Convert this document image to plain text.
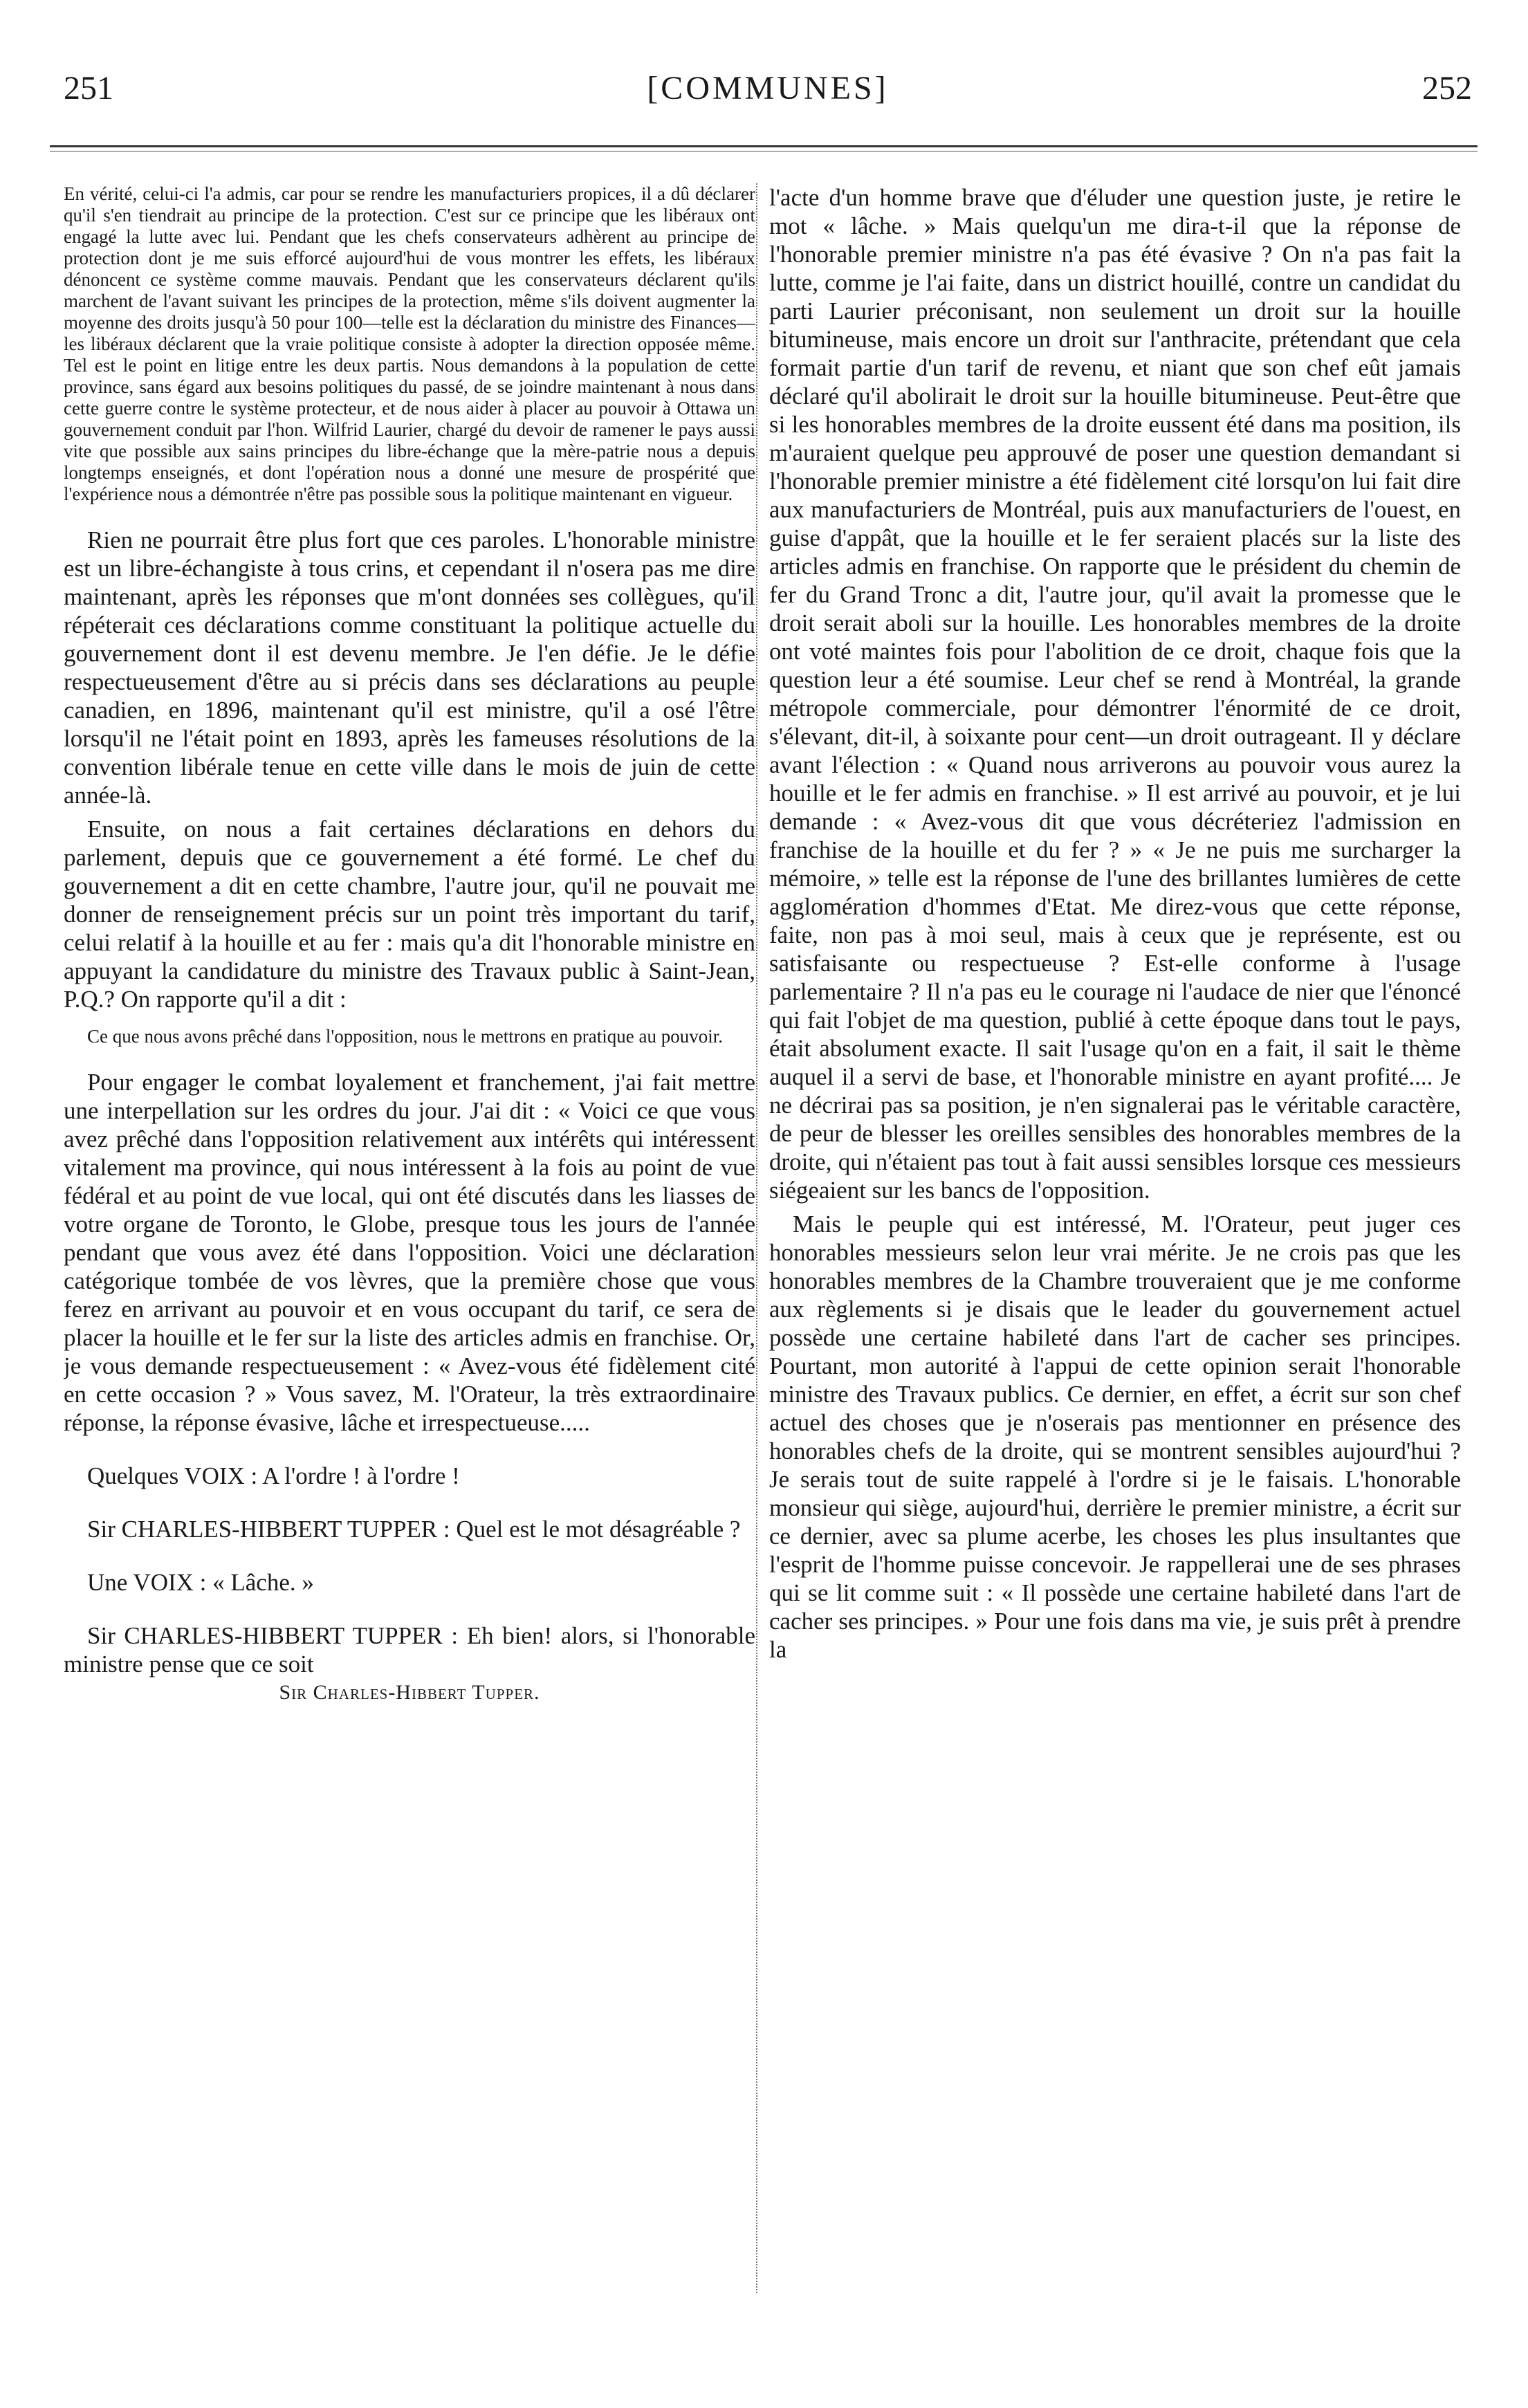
251	[COMMUNES]	252

En vérité, celui-ci l'a admis, car pour se rendre les manufacturiers propices, il a dû déclarer qu'il s'en tiendrait au principe de la protection. C'est sur ce principe que les libéraux ont engagé la lutte avec lui. Pendant que les chefs conservateurs adhèrent au principe de protection dont je me suis efforcé aujourd'hui de vous montrer les effets, les libéraux dénoncent ce système comme mauvais. Pendant que les conservateurs déclarent qu'ils marchent de l'avant suivant les principes de la protection, même s'ils doivent augmenter la moyenne des droits jusqu'à 50 pour 100—telle est la déclaration du ministre des Finances—les libéraux déclarent que la vraie politique consiste à adopter la direction opposée même. Tel est le point en litige entre les deux partis. Nous demandons à la population de cette province, sans égard aux besoins politiques du passé, de se joindre maintenant à nous dans cette guerre contre le système protecteur, et de nous aider à placer au pouvoir à Ottawa un gouvernement conduit par l'hon. Wilfrid Laurier, chargé du devoir de ramener le pays aussi vite que possible aux sains principes du libre-échange que la mère-patrie nous a depuis longtemps enseignés, et dont l'opération nous a donné une mesure de prospérité que l'expérience nous a démontrée n'être pas possible sous la politique maintenant en vigueur.

Rien ne pourrait être plus fort que ces paroles. L'honorable ministre est un libre-échangiste à tous crins, et cependant il n'osera pas me dire maintenant, après les réponses que m'ont données ses collègues, qu'il répéterait ces déclarations comme constituant la politique actuelle du gouvernement dont il est devenu membre. Je l'en défie. Je le défie respectueusement d'être au si précis dans ses déclarations au peuple canadien, en 1896, maintenant qu'il est ministre, qu'il a osé l'être lorsqu'il ne l'était point en 1893, après les fameuses résolutions de la convention libérale tenue en cette ville dans le mois de juin de cette année-là.

Ensuite, on nous a fait certaines déclarations en dehors du parlement, depuis que ce gouvernement a été formé. Le chef du gouvernement a dit en cette chambre, l'autre jour, qu'il ne pouvait me donner de renseignement précis sur un point très important du tarif, celui relatif à la houille et au fer : mais qu'a dit l'honorable ministre en appuyant la candidature du ministre des Travaux public à Saint-Jean, P.Q.? On rapporte qu'il a dit :

Ce que nous avons prêché dans l'opposition, nous le mettrons en pratique au pouvoir.

Pour engager le combat loyalement et franchement, j'ai fait mettre une interpellation sur les ordres du jour. J'ai dit : « Voici ce que vous avez prêché dans l'opposition relativement aux intérêts qui intéressent vitalement ma province, qui nous intéressent à la fois au point de vue fédéral et au point de vue local, qui ont été discutés dans les liasses de votre organe de Toronto, le Globe, presque tous les jours de l'année pendant que vous avez été dans l'opposition. Voici une déclaration catégorique tombée de vos lèvres, que la première chose que vous ferez en arrivant au pouvoir et en vous occupant du tarif, ce sera de placer la houille et le fer sur la liste des articles admis en franchise. Or, je vous demande respectueusement : « Avez-vous été fidèlement cité en cette occasion ? » Vous savez, M. l'Orateur, la très extraordinaire réponse, la réponse évasive, lâche et irrespectueuse.....

Quelques VOIX : A l'ordre ! à l'ordre !

Sir CHARLES-HIBBERT TUPPER : Quel est le mot désagréable ?

Une VOIX : « Lâche. »

Sir CHARLES-HIBBERT TUPPER : Eh bien! alors, si l'honorable ministre pense que ce soit

Sir Charles-Hibbert Tupper.

l'acte d'un homme brave que d'éluder une question juste, je retire le mot « lâche. » Mais quelqu'un me dira-t-il que la réponse de l'honorable premier ministre n'a pas été évasive ? On n'a pas fait la lutte, comme je l'ai faite, dans un district houillé, contre un candidat du parti Laurier préconisant, non seulement un droit sur la houille bitumineuse, mais encore un droit sur l'anthracite, prétendant que cela formait partie d'un tarif de revenu, et niant que son chef eût jamais déclaré qu'il abolirait le droit sur la houille bitumineuse. Peut-être que si les honorables membres de la droite eussent été dans ma position, ils m'auraient quelque peu approuvé de poser une question demandant si l'honorable premier ministre a été fidèlement cité lorsqu'on lui fait dire aux manufacturiers de Montréal, puis aux manufacturiers de l'ouest, en guise d'appât, que la houille et le fer seraient placés sur la liste des articles admis en franchise. On rapporte que le président du chemin de fer du Grand Tronc a dit, l'autre jour, qu'il avait la promesse que le droit serait aboli sur la houille. Les honorables membres de la droite ont voté maintes fois pour l'abolition de ce droit, chaque fois que la question leur a été soumise. Leur chef se rend à Montréal, la grande métropole commerciale, pour démontrer l'énormité de ce droit, s'élevant, dit-il, à soixante pour cent—un droit outrageant. Il y déclare avant l'élection : « Quand nous arriverons au pouvoir vous aurez la houille et le fer admis en franchise. » Il est arrivé au pouvoir, et je lui demande : « Avez-vous dit que vous décréteriez l'admission en franchise de la houille et du fer ? » « Je ne puis me surcharger la mémoire, » telle est la réponse de l'une des brillantes lumières de cette agglomération d'hommes d'Etat. Me direz-vous que cette réponse, faite, non pas à moi seul, mais à ceux que je représente, est ou satisfaisante ou respectueuse ? Est-elle conforme à l'usage parlementaire ? Il n'a pas eu le courage ni l'audace de nier que l'énoncé qui fait l'objet de ma question, publié à cette époque dans tout le pays, était absolument exacte. Il sait l'usage qu'on en a fait, il sait le thème auquel il a servi de base, et l'honorable ministre en ayant profité.... Je ne décrirai pas sa position, je n'en signalerai pas le véritable caractère, de peur de blesser les oreilles sensibles des honorables membres de la droite, qui n'étaient pas tout à fait aussi sensibles lorsque ces messieurs siégeaient sur les bancs de l'opposition.

Mais le peuple qui est intéressé, M. l'Orateur, peut juger ces honorables messieurs selon leur vrai mérite. Je ne crois pas que les honorables membres de la Chambre trouveraient que je me conforme aux règlements si je disais que le leader du gouvernement actuel possède une certaine habileté dans l'art de cacher ses principes. Pourtant, mon autorité à l'appui de cette opinion serait l'honorable ministre des Travaux publics. Ce dernier, en effet, a écrit sur son chef actuel des choses que je n'oserais pas mentionner en présence des honorables chefs de la droite, qui se montrent sensibles aujourd'hui ? Je serais tout de suite rappelé à l'ordre si je le faisais. L'honorable monsieur qui siège, aujourd'hui, derrière le premier ministre, a écrit sur ce dernier, avec sa plume acerbe, les choses les plus insultantes que l'esprit de l'homme puisse concevoir. Je rappellerai une de ses phrases qui se lit comme suit : « Il possède une certaine habileté dans l'art de cacher ses principes. » Pour une fois dans ma vie, je suis prêt à prendre la
